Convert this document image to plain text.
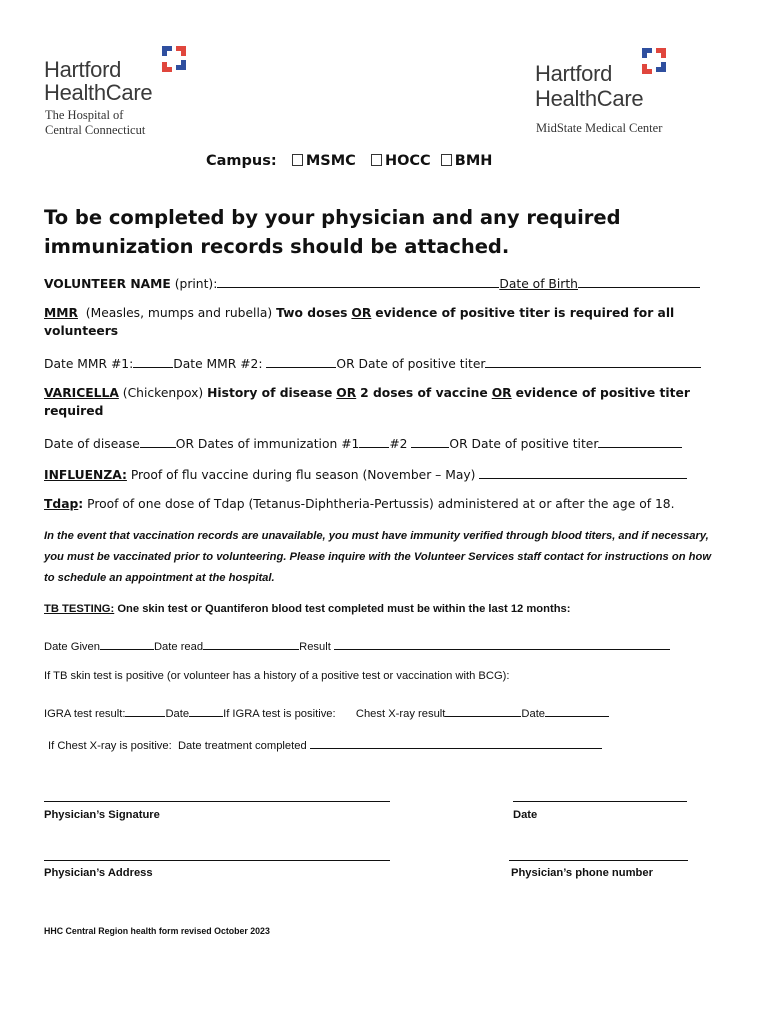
Hartford
HealthCare
The Hospital of
Central Connecticut
Hartford
HealthCare
MidState Medical Center
Campus: MSMC HOCC BMH
To be completed by your physician and any required immunization records should be attached.
VOLUNTEER NAME (print):	Date of Birth
MMR (Measles, mumps and rubella) Two doses OR evidence of positive titer is required for all
volunteers
Date MMR #1:	Date MMR #2:	OR Date of positive titer
VARICELLA (Chickenpox) History of disease OR 2 doses of vaccine OR evidence of positive titer
required
Date of disease	OR Dates of immunization #1 #2	OR Date of positive titer
INFLUENZA: Proof of flu vaccine during flu season (November – May)
Tdap: Proof of one dose of Tdap (Tetanus-Diphtheria-Pertussis) administered at or after the age of 18.
In the event that vaccination records are unavailable, you must have immunity verified through blood titers, and if necessary, you must be vaccinated prior to volunteering. Please inquire with the Volunteer Services staff contact for instructions on how to schedule an appointment at the hospital.
TB TESTING: One skin test or Quantiferon blood test completed must be within the last 12 months:
Date Given	Date read	Result
If TB skin test is positive (or volunteer has a history of a positive test or vaccination with BCG):
IGRA test result:	Date	If IGRA test is positive: Chest X-ray result	Date
If Chest X-ray is positive: Date treatment completed
Physician’s Signature	Date
Physician’s Address	Physician’s phone number
HHC Central Region health form revised October 2023
